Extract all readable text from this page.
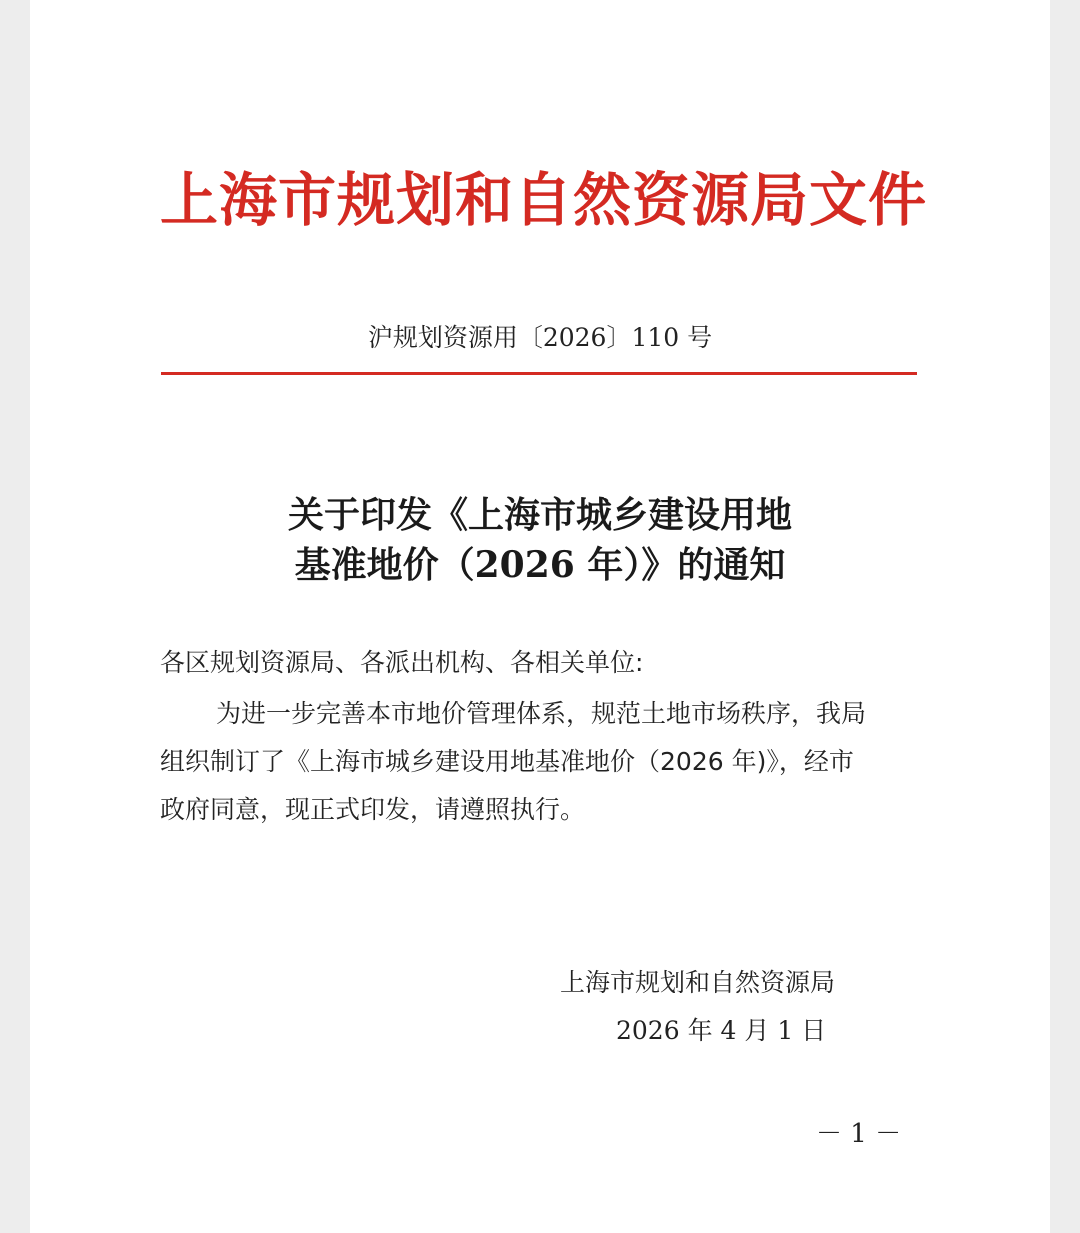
上海市规划和自然资源局文件
沪规划资源用〔2026〕110 号
关于印发《上海市城乡建设用地
基准地价（2026 年）》的通知
各区规划资源局、各派出机构、各相关单位:
为进一步完善本市地价管理体系，规范土地市场秩序，我局
组织制订了《上海市城乡建设用地基准地价（2026 年)》，经市
政府同意，现正式印发，请遵照执行。
上海市规划和自然资源局
2026 年 4 月 1 日
－ 1 －
